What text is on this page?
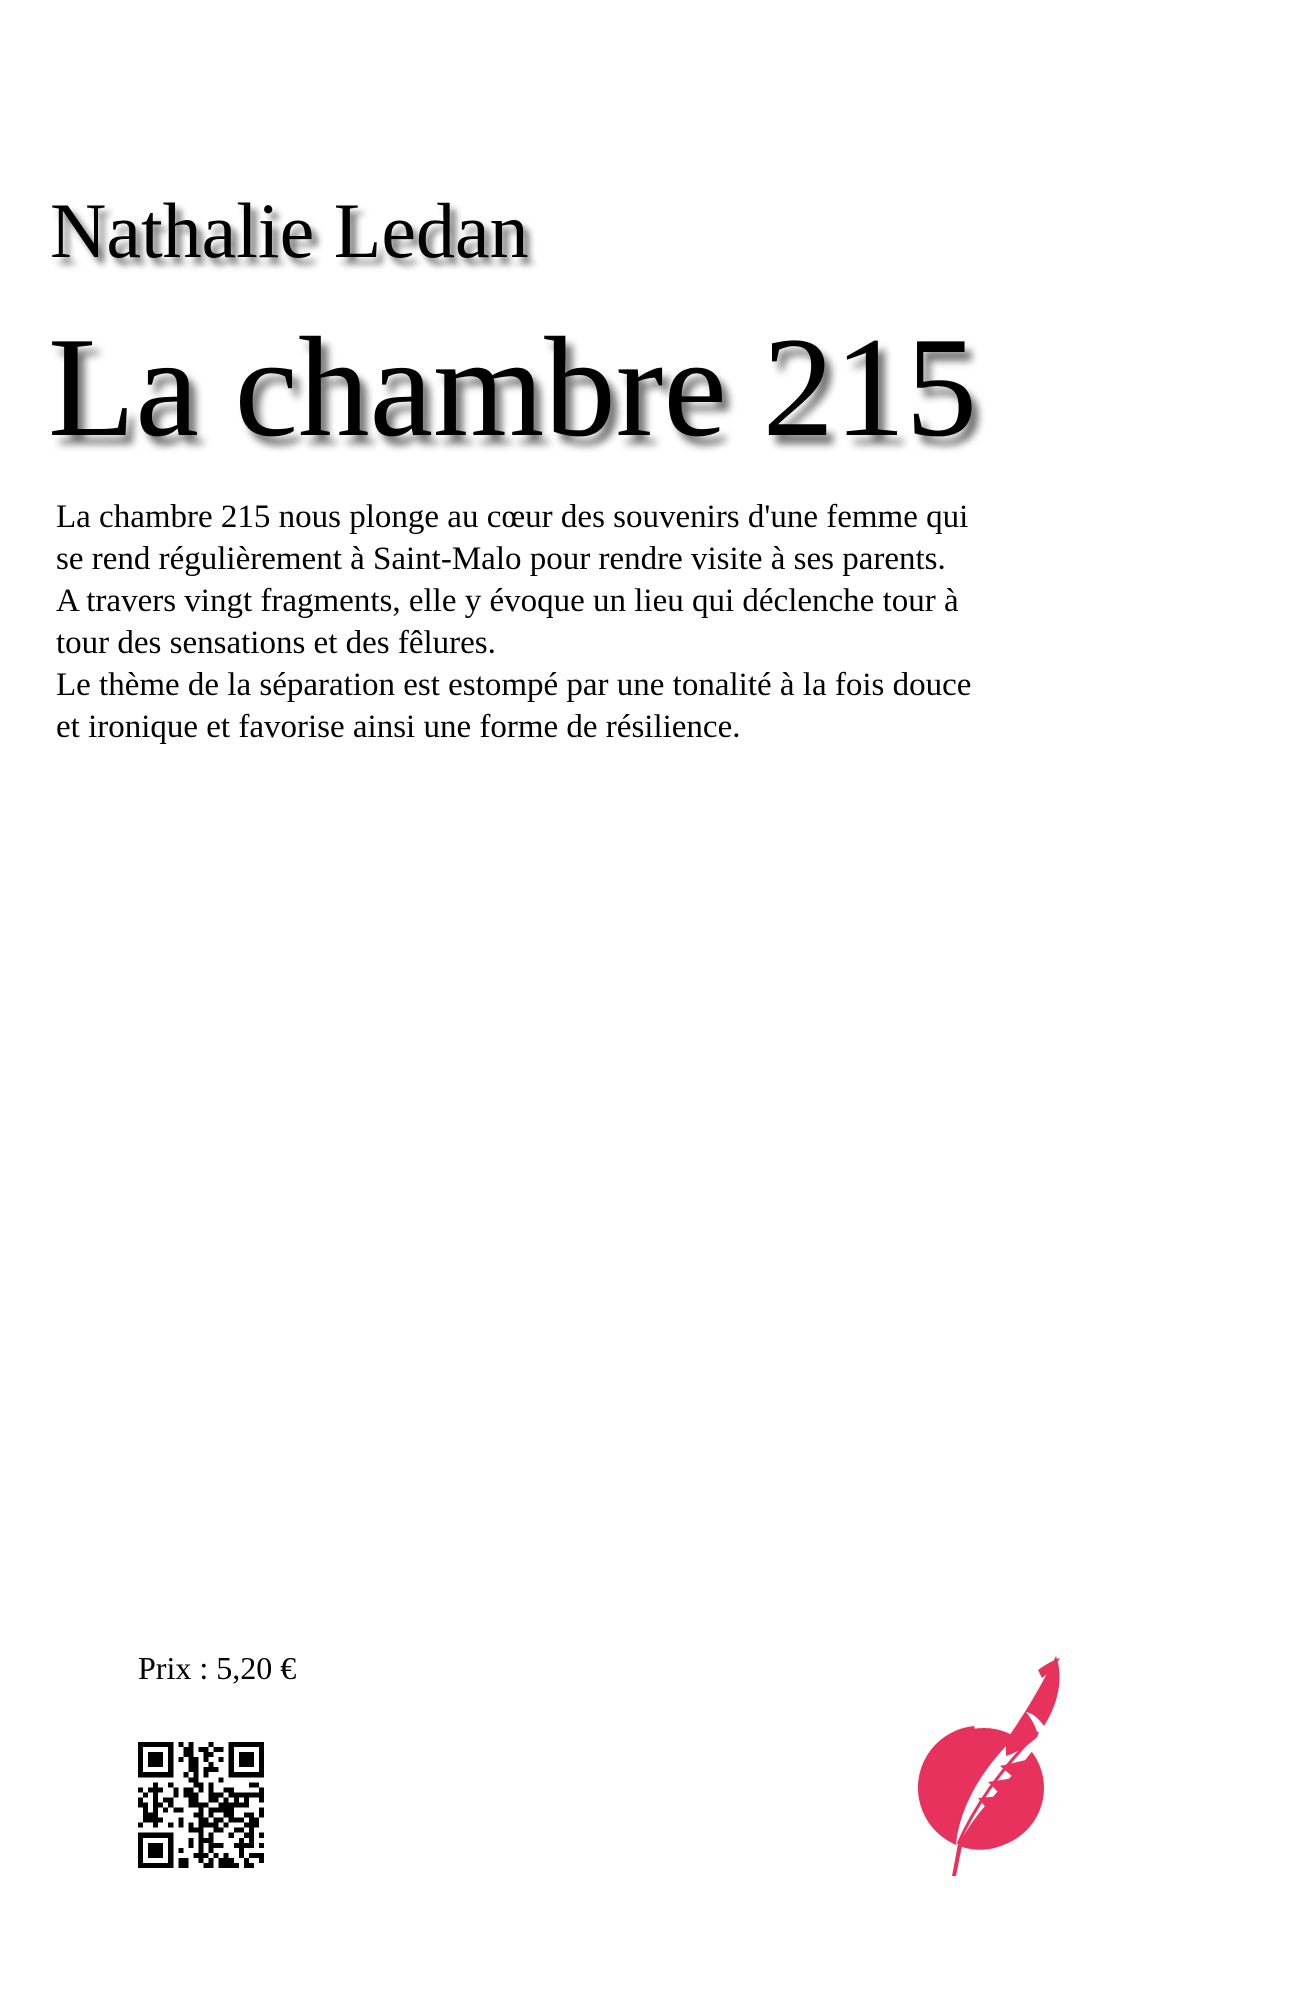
Nathalie Ledan
La chambre 215

La chambre 215 nous plonge au cœur des souvenirs d'une femme qui

se rend régulièrement à Saint-Malo pour rendre visite à ses parents.

A travers vingt fragments, elle y évoque un lieu qui déclenche tour à

tour des sensations et des fêlures.

Le thème de la séparation est estompé par une tonalité à la fois douce

et ironique et favorise ainsi une forme de résilience.

Prix : 5,20 €
